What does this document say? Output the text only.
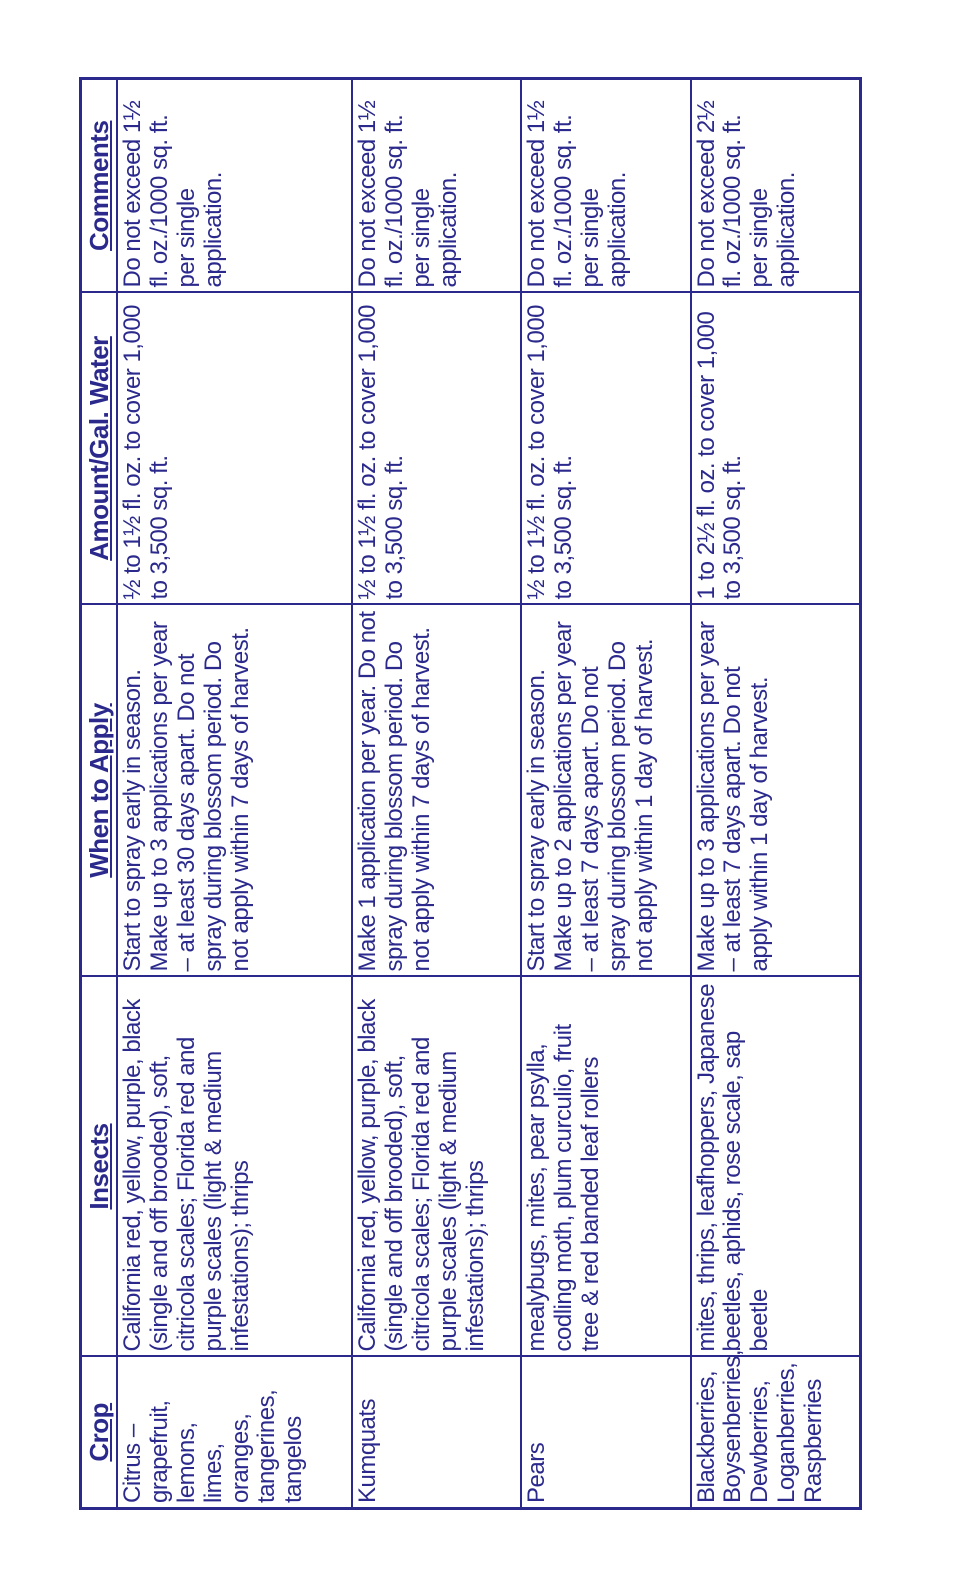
Crop	Insects	When to Apply	Amount/Gal. Water	Comments
Citrus – grapefruit, lemons, limes, oranges, tangerines, tangelos	California red, yellow, purple, black (single and off brooded), soft, citricola scales; Florida red and purple scales (light & medium infestations); thrips	Start to spray early in season. Make up to 3 applications per year – at least 30 days apart. Do not spray during blossom period. Do not apply within 7 days of harvest.	½ to 1½ fl. oz. to cover 1,000 to 3,500 sq. ft.	Do not exceed 1½ fl. oz./1000 sq. ft. per single application.
Kumquats	California red, yellow, purple, black (single and off brooded), soft, citricola scales; Florida red and purple scales (light & medium infestations); thrips	Make 1 application per year. Do not spray during blossom period. Do not apply within 7 days of harvest.	½ to 1½ fl. oz. to cover 1,000 to 3,500 sq. ft.	Do not exceed 1½ fl. oz./1000 sq. ft. per single application.
Pears	mealybugs, mites, pear psylla, codling moth, plum curculio, fruit tree & red banded leaf rollers	Start to spray early in season. Make up to 2 applications per year – at least 7 days apart. Do not spray during blossom period. Do not apply within 1 day of harvest.	½ to 1½ fl. oz. to cover 1,000 to 3,500 sq. ft.	Do not exceed 1½ fl. oz./1000 sq. ft. per single application.
Blackberries, Boysenberries, Dewberries, Loganberries, Raspberries	mites, thrips, leafhoppers, Japanese beetles, aphids, rose scale, sap beetle	Make up to 3 applications per year – at least 7 days apart. Do not apply within 1 day of harvest.	1 to 2½ fl. oz. to cover 1,000 to 3,500 sq. ft.	Do not exceed 2½ fl. oz./1000 sq. ft. per single application.
